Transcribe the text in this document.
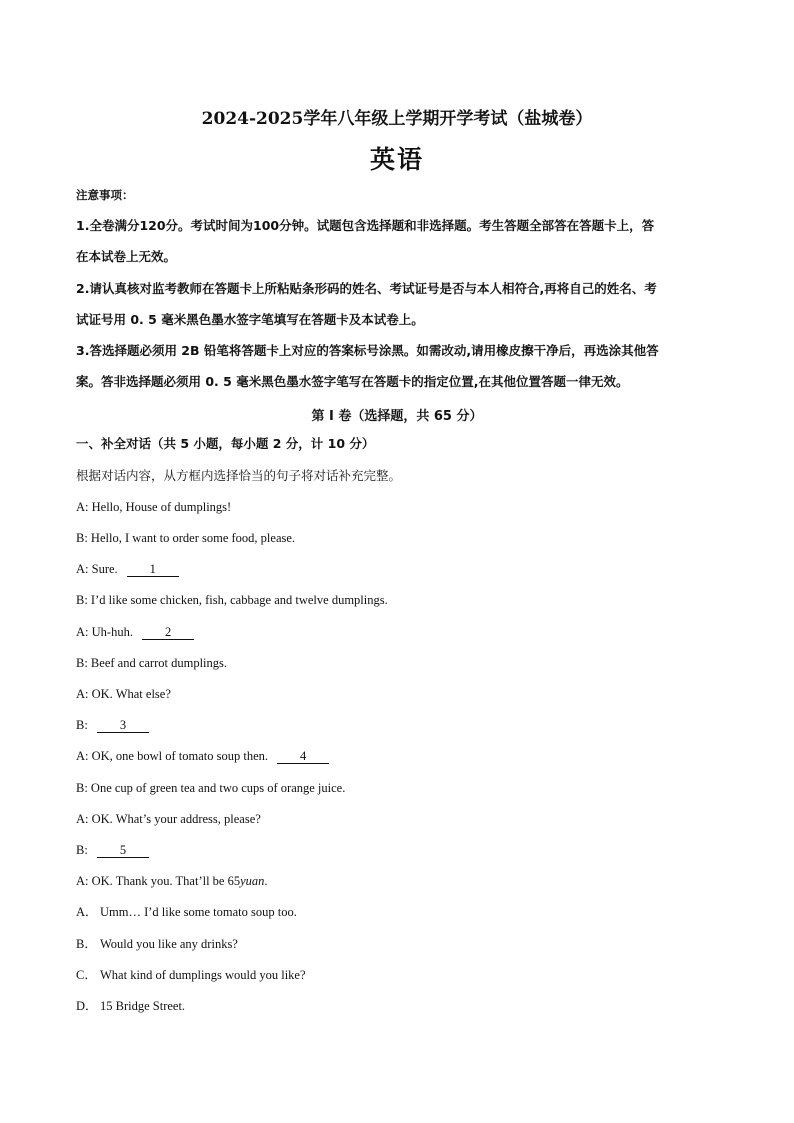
2024-2025学年八年级上学期开学考试（盐城卷）
英语
注意事项：
1.全卷满分120分。考试时间为100分钟。试题包含选择题和非选择题。考生答题全部答在答题卡上，答
在本试卷上无效。
2.请认真核对监考教师在答题卡上所粘贴条形码的姓名、考试证号是否与本人相符合,再将自己的姓名、考
试证号用 0. 5 毫米黑色墨水签字笔填写在答题卡及本试卷上。
3.答选择题必须用 2B 铅笔将答题卡上对应的答案标号涂黑。如需改动,请用橡皮擦干净后，再选涂其他答
案。答非选择题必须用 0. 5 毫米黑色墨水签字笔写在答题卡的指定位置,在其他位置答题一律无效。
第 I 卷（选择题，共 65 分）
一、补全对话（共 5 小题，每小题 2 分，计 10 分）
根据对话内容，从方框内选择恰当的句子将对话补充完整。
A: Hello, House of dumplings!
B: Hello, I want to order some food, please.
A: Sure.	1
B: I’d like some chicken, fish, cabbage and twelve dumplings.
A: Uh-huh.	2
B: Beef and carrot dumplings.
A: OK. What else?
B:	3
A: OK, one bowl of tomato soup then.	4
B: One cup of green tea and two cups of orange juice.
A: OK. What’s your address, please?
B:	5
A: OK. Thank you. That’ll be 65yuan.
A． Umm… I’d like some tomato soup too.
B． Would you like any drinks?
C． What kind of dumplings would you like?
D． 15 Bridge Street.
